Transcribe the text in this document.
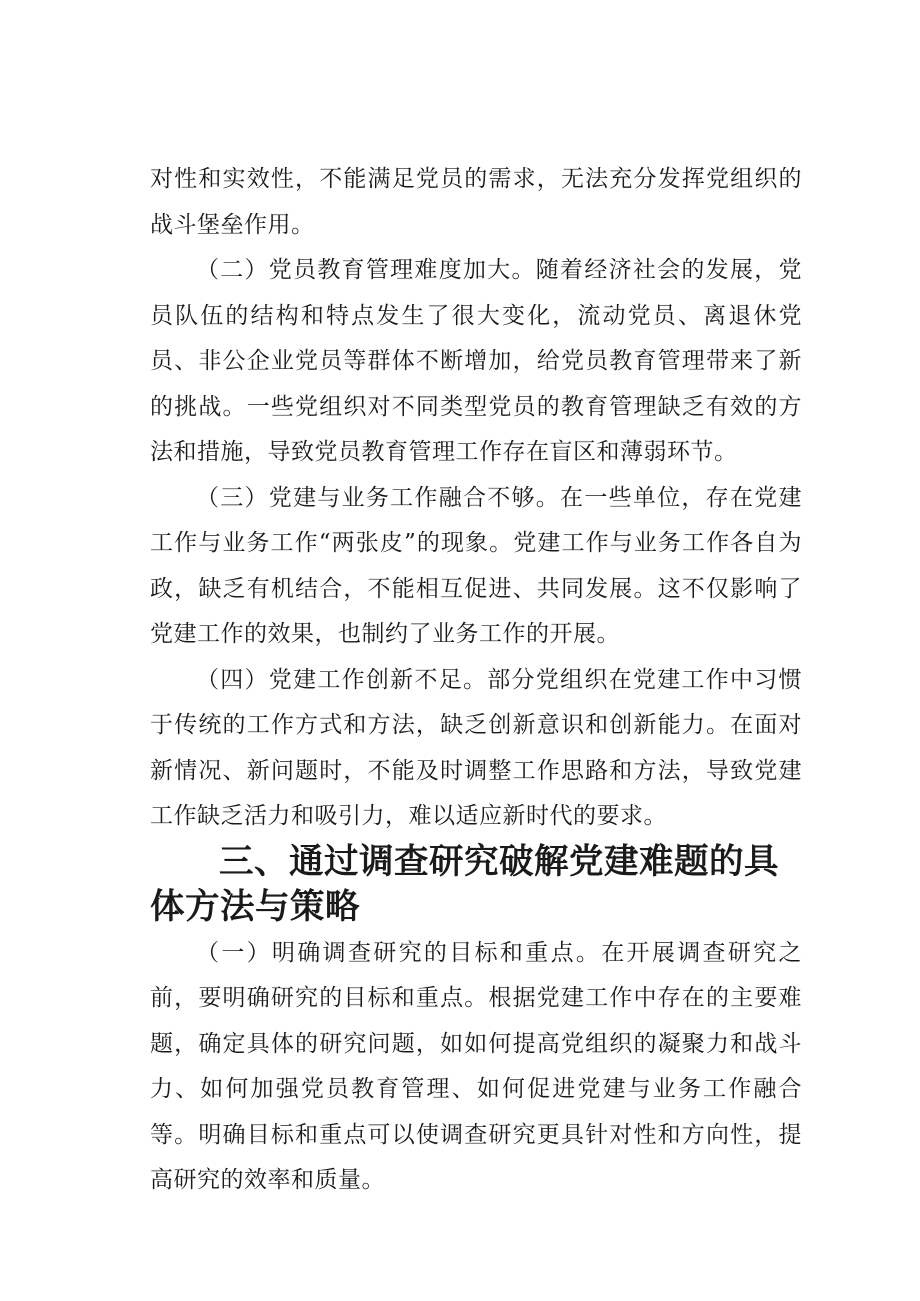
对性和实效性，不能满足党员的需求，无法充分发挥党组织的战斗堡垒作用。

（二）党员教育管理难度加大。随着经济社会的发展，党员队伍的结构和特点发生了很大变化，流动党员、离退休党员、非公企业党员等群体不断增加，给党员教育管理带来了新的挑战。一些党组织对不同类型党员的教育管理缺乏有效的方法和措施，导致党员教育管理工作存在盲区和薄弱环节。

（三）党建与业务工作融合不够。在一些单位，存在党建工作与业务工作“两张皮”的现象。党建工作与业务工作各自为政，缺乏有机结合，不能相互促进、共同发展。这不仅影响了党建工作的效果，也制约了业务工作的开展。

（四）党建工作创新不足。部分党组织在党建工作中习惯于传统的工作方式和方法，缺乏创新意识和创新能力。在面对新情况、新问题时，不能及时调整工作思路和方法，导致党建工作缺乏活力和吸引力，难以适应新时代的要求。

三、通过调查研究破解党建难题的具体方法与策略

（一）明确调查研究的目标和重点。在开展调查研究之前，要明确研究的目标和重点。根据党建工作中存在的主要难题，确定具体的研究问题，如如何提高党组织的凝聚力和战斗力、如何加强党员教育管理、如何促进党建与业务工作融合等。明确目标和重点可以使调查研究更具针对性和方向性，提高研究的效率和质量。
